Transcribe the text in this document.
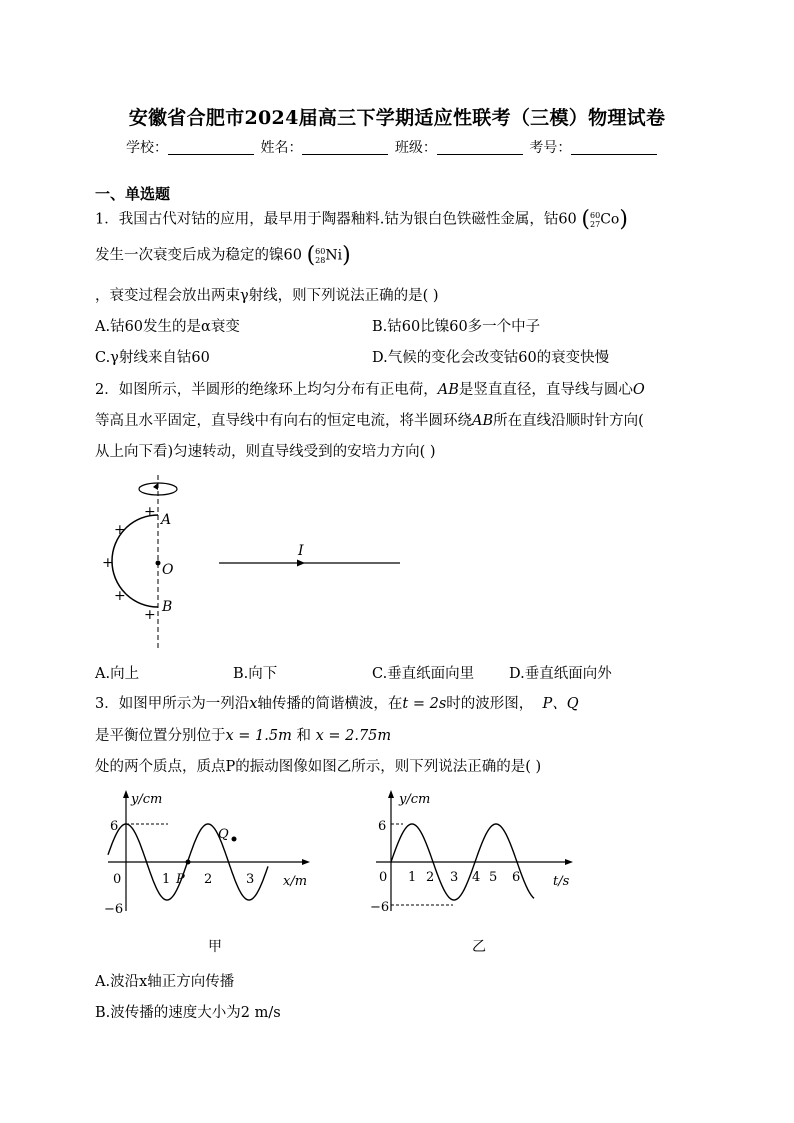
安徽省合肥市2024届高三下学期适应性联考（三模）物理试卷
学校：	姓名：	班级：	考号：
一、单选题
1．我国古代对钴的应用，最早用于陶器釉料.钴为银白色铁磁性金属，钴60 (60
27Co)
发生一次衰变后成为稳定的镍60 (60
28Ni)
，衰变过程会放出两束γ射线，则下列说法正确的是( )
A.钴60发生的是α衰变	B.钴60比镍60多一个中子
C.γ射线来自钴60	D.气候的变化会改变钴60的衰变快慢
2．如图所示，半圆形的绝缘环上均匀分布有正电荷，AB是竖直直径，直导线与圆心O
等高且水平固定，直导线中有向右的恒定电流，将半圆环绕AB所在直线沿顺时针方向(
从上向下看)匀速转动，则直导线受到的安培力方向( )
A
O
B
+
+
+
+
+
I
A.向上	B.向下	C.垂直纸面向里 D.垂直纸面向外
3．如图甲所示为一列沿x轴传播的简谐横波，在t = 2s时的波形图， P、Q
是平衡位置分别位于x = 1.5m 和 x = 2.75m
处的两个质点，质点P的振动图像如图乙所示，则下列说法正确的是( )
y/cm
x/m
6
−6
0	1 P 2	3
Q
甲
y/cm
t/s
6
−6
0 1 2 3 4 5 6
乙
A.波沿x轴正方向传播
B.波传播的速度大小为2 m/s
